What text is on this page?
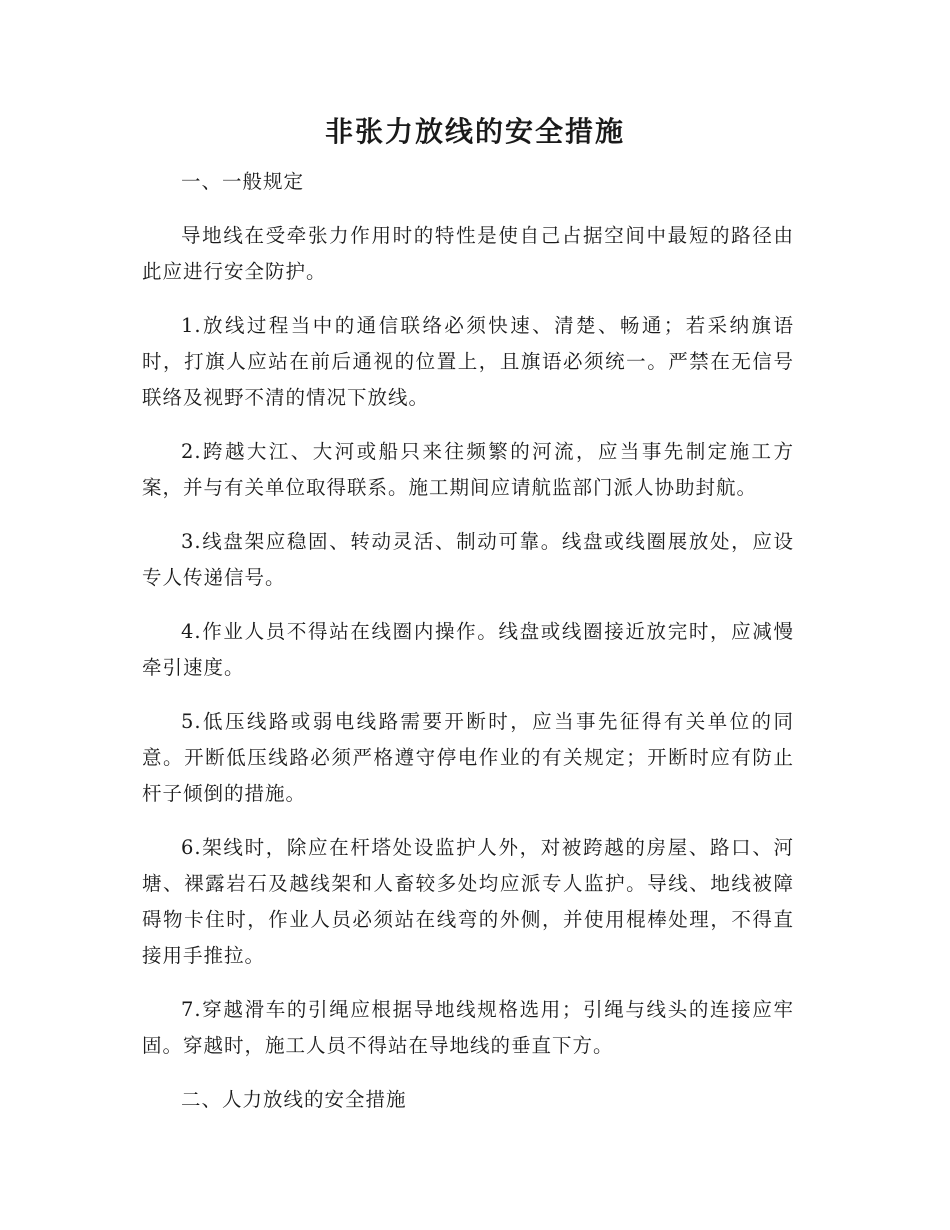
非张力放线的安全措施

一、一般规定

导地线在受牵张力作用时的特性是使自己占据空间中最短的路径由此应进行安全防护。

1.放线过程当中的通信联络必须快速、清楚、畅通；若采纳旗语时，打旗人应站在前后通视的位置上，且旗语必须统一。严禁在无信号联络及视野不清的情况下放线。

2.跨越大江、大河或船只来往频繁的河流，应当事先制定施工方案，并与有关单位取得联系。施工期间应请航监部门派人协助封航。

3.线盘架应稳固、转动灵活、制动可靠。线盘或线圈展放处，应设专人传递信号。

4.作业人员不得站在线圈内操作。线盘或线圈接近放完时，应减慢牵引速度。

5.低压线路或弱电线路需要开断时，应当事先征得有关单位的同意。开断低压线路必须严格遵守停电作业的有关规定；开断时应有防止杆子倾倒的措施。

6.架线时，除应在杆塔处设监护人外，对被跨越的房屋、路口、河塘、裸露岩石及越线架和人畜较多处均应派专人监护。导线、地线被障碍物卡住时，作业人员必须站在线弯的外侧，并使用棍棒处理，不得直接用手推拉。

7.穿越滑车的引绳应根据导地线规格选用；引绳与线头的连接应牢固。穿越时，施工人员不得站在导地线的垂直下方。

二、人力放线的安全措施
